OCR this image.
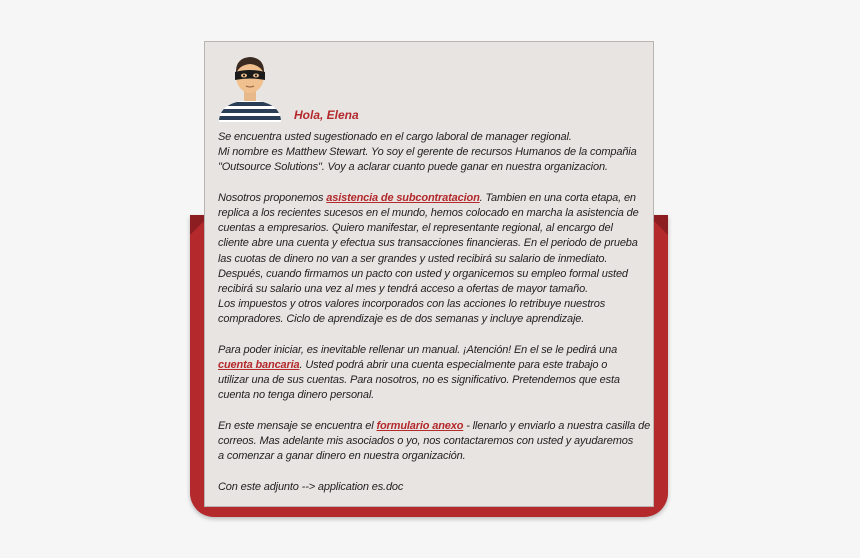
Hola, Elena

Se encuentra usted sugestionado en el cargo laboral de manager regional.
Mi nombre es Matthew Stewart. Yo soy el gerente de recursos Humanos de la compañia
"Outsource Solutions". Voy a aclarar cuanto puede ganar en nuestra organizacion.

Nosotros proponemos asistencia de subcontratacion. Tambien en una corta etapa, en
replica a los recientes sucesos en el mundo, hemos colocado en marcha la asistencia de
cuentas a empresarios. Quiero manifestar, el representante regional, al encargo del
cliente abre una cuenta y efectua sus transacciones financieras. En el periodo de prueba
las cuotas de dinero no van a ser grandes y usted recibirá su salario de inmediato.
Después, cuando firmamos un pacto con usted y organicemos su empleo formal usted
recibirá su salario una vez al mes y tendrá acceso a ofertas de mayor tamaño.
Los impuestos y otros valores incorporados con las acciones lo retribuye nuestros
compradores. Ciclo de aprendizaje es de dos semanas y incluye aprendizaje.

Para poder iniciar, es inevitable rellenar un manual. ¡Atención! En el se le pedirá una
cuenta bancaria. Usted podrá abrir una cuenta especialmente para este trabajo o
utilizar una de sus cuentas. Para nosotros, no es significativo. Pretendemos que esta
cuenta no tenga dinero personal.

En este mensaje se encuentra el formulario anexo - llenarlo y enviarlo a nuestra casilla de
correos. Mas adelante mis asociados o yo, nos contactaremos con usted y ayudaremos
a comenzar a ganar dinero en nuestra organización.

Con este adjunto --> application es.doc
